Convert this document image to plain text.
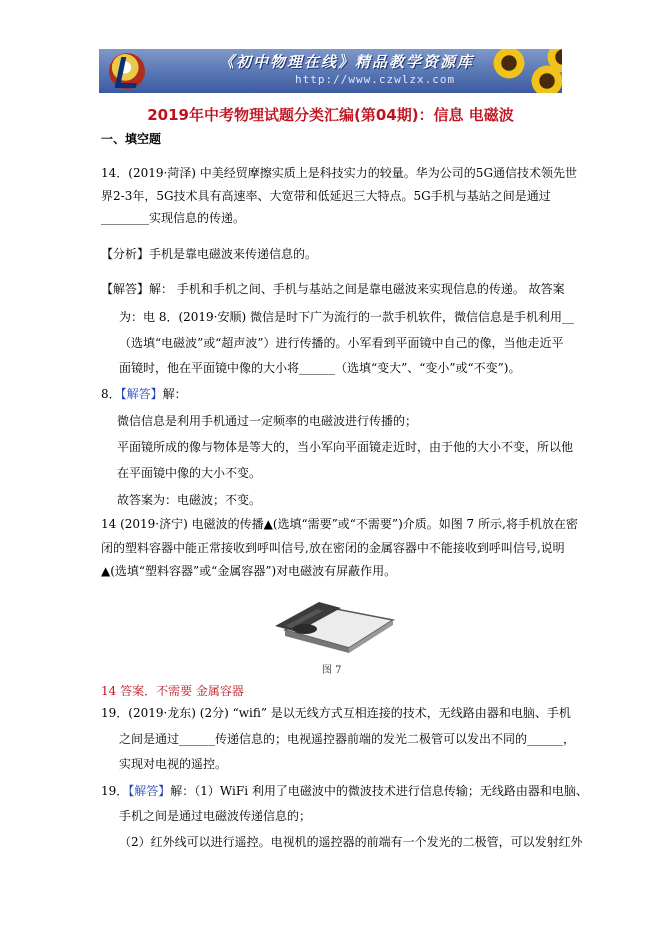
《初中物理在线》精品教学资源库
http://www.czwlzx.com
2019年中考物理试题分类汇编(第04期)：信息 电磁波
一、填空题
14．(2019·菏泽) 中美经贸摩擦实质上是科技实力的较量。华为公司的5G通信技术领先世
界2-3年，5G技术具有高速率、大宽带和低延迟三大特点。5G手机与基站之间是通过
________实现信息的传递。
【分析】手机是靠电磁波来传递信息的。
【解答】解： 手机和手机之间、手机与基站之间是靠电磁波来实现信息的传递。 故答案
为：电 8．(2019·安顺) 微信是时下广为流行的一款手机软件，微信信息是手机利用__
（选填“电磁波”或“超声波”）进行传播的。小军看到平面镜中自己的像，当他走近平
面镜时，他在平面镜中像的大小将______（选填“变大”、“变小”或“不变”)。
8．【解答】解：
微信信息是利用手机通过一定频率的电磁波进行传播的；
平面镜所成的像与物体是等大的，当小军向平面镜走近时，由于他的大小不变，所以他
在平面镜中像的大小不变。
故答案为：电磁波；不变。
14 (2019·济宁) 电磁波的传播▲(选填“需要”或“不需要”)介质。如图 7 所示,将手机放在密
闭的塑料容器中能正常接收到呼叫信号,放在密闭的金属容器中不能接收到呼叫信号,说明
▲(选填“塑料容器”或“金属容器”)对电磁波有屏蔽作用。
图 7
14 答案．不需要 金属容器
19．(2019·龙东) (2分) “wifi” 是以无线方式互相连接的技术，无线路由器和电脑、手机
之间是通过______传递信息的；电视遥控器前端的发光二极管可以发出不同的______，
实现对电视的遥控。
19．【解答】解：（1）WiFi 利用了电磁波中的微波技术进行信息传输；无线路由器和电脑、
手机之间是通过电磁波传递信息的；
（2）红外线可以进行遥控。电视机的遥控器的前端有一个发光的二极管，可以发射红外
